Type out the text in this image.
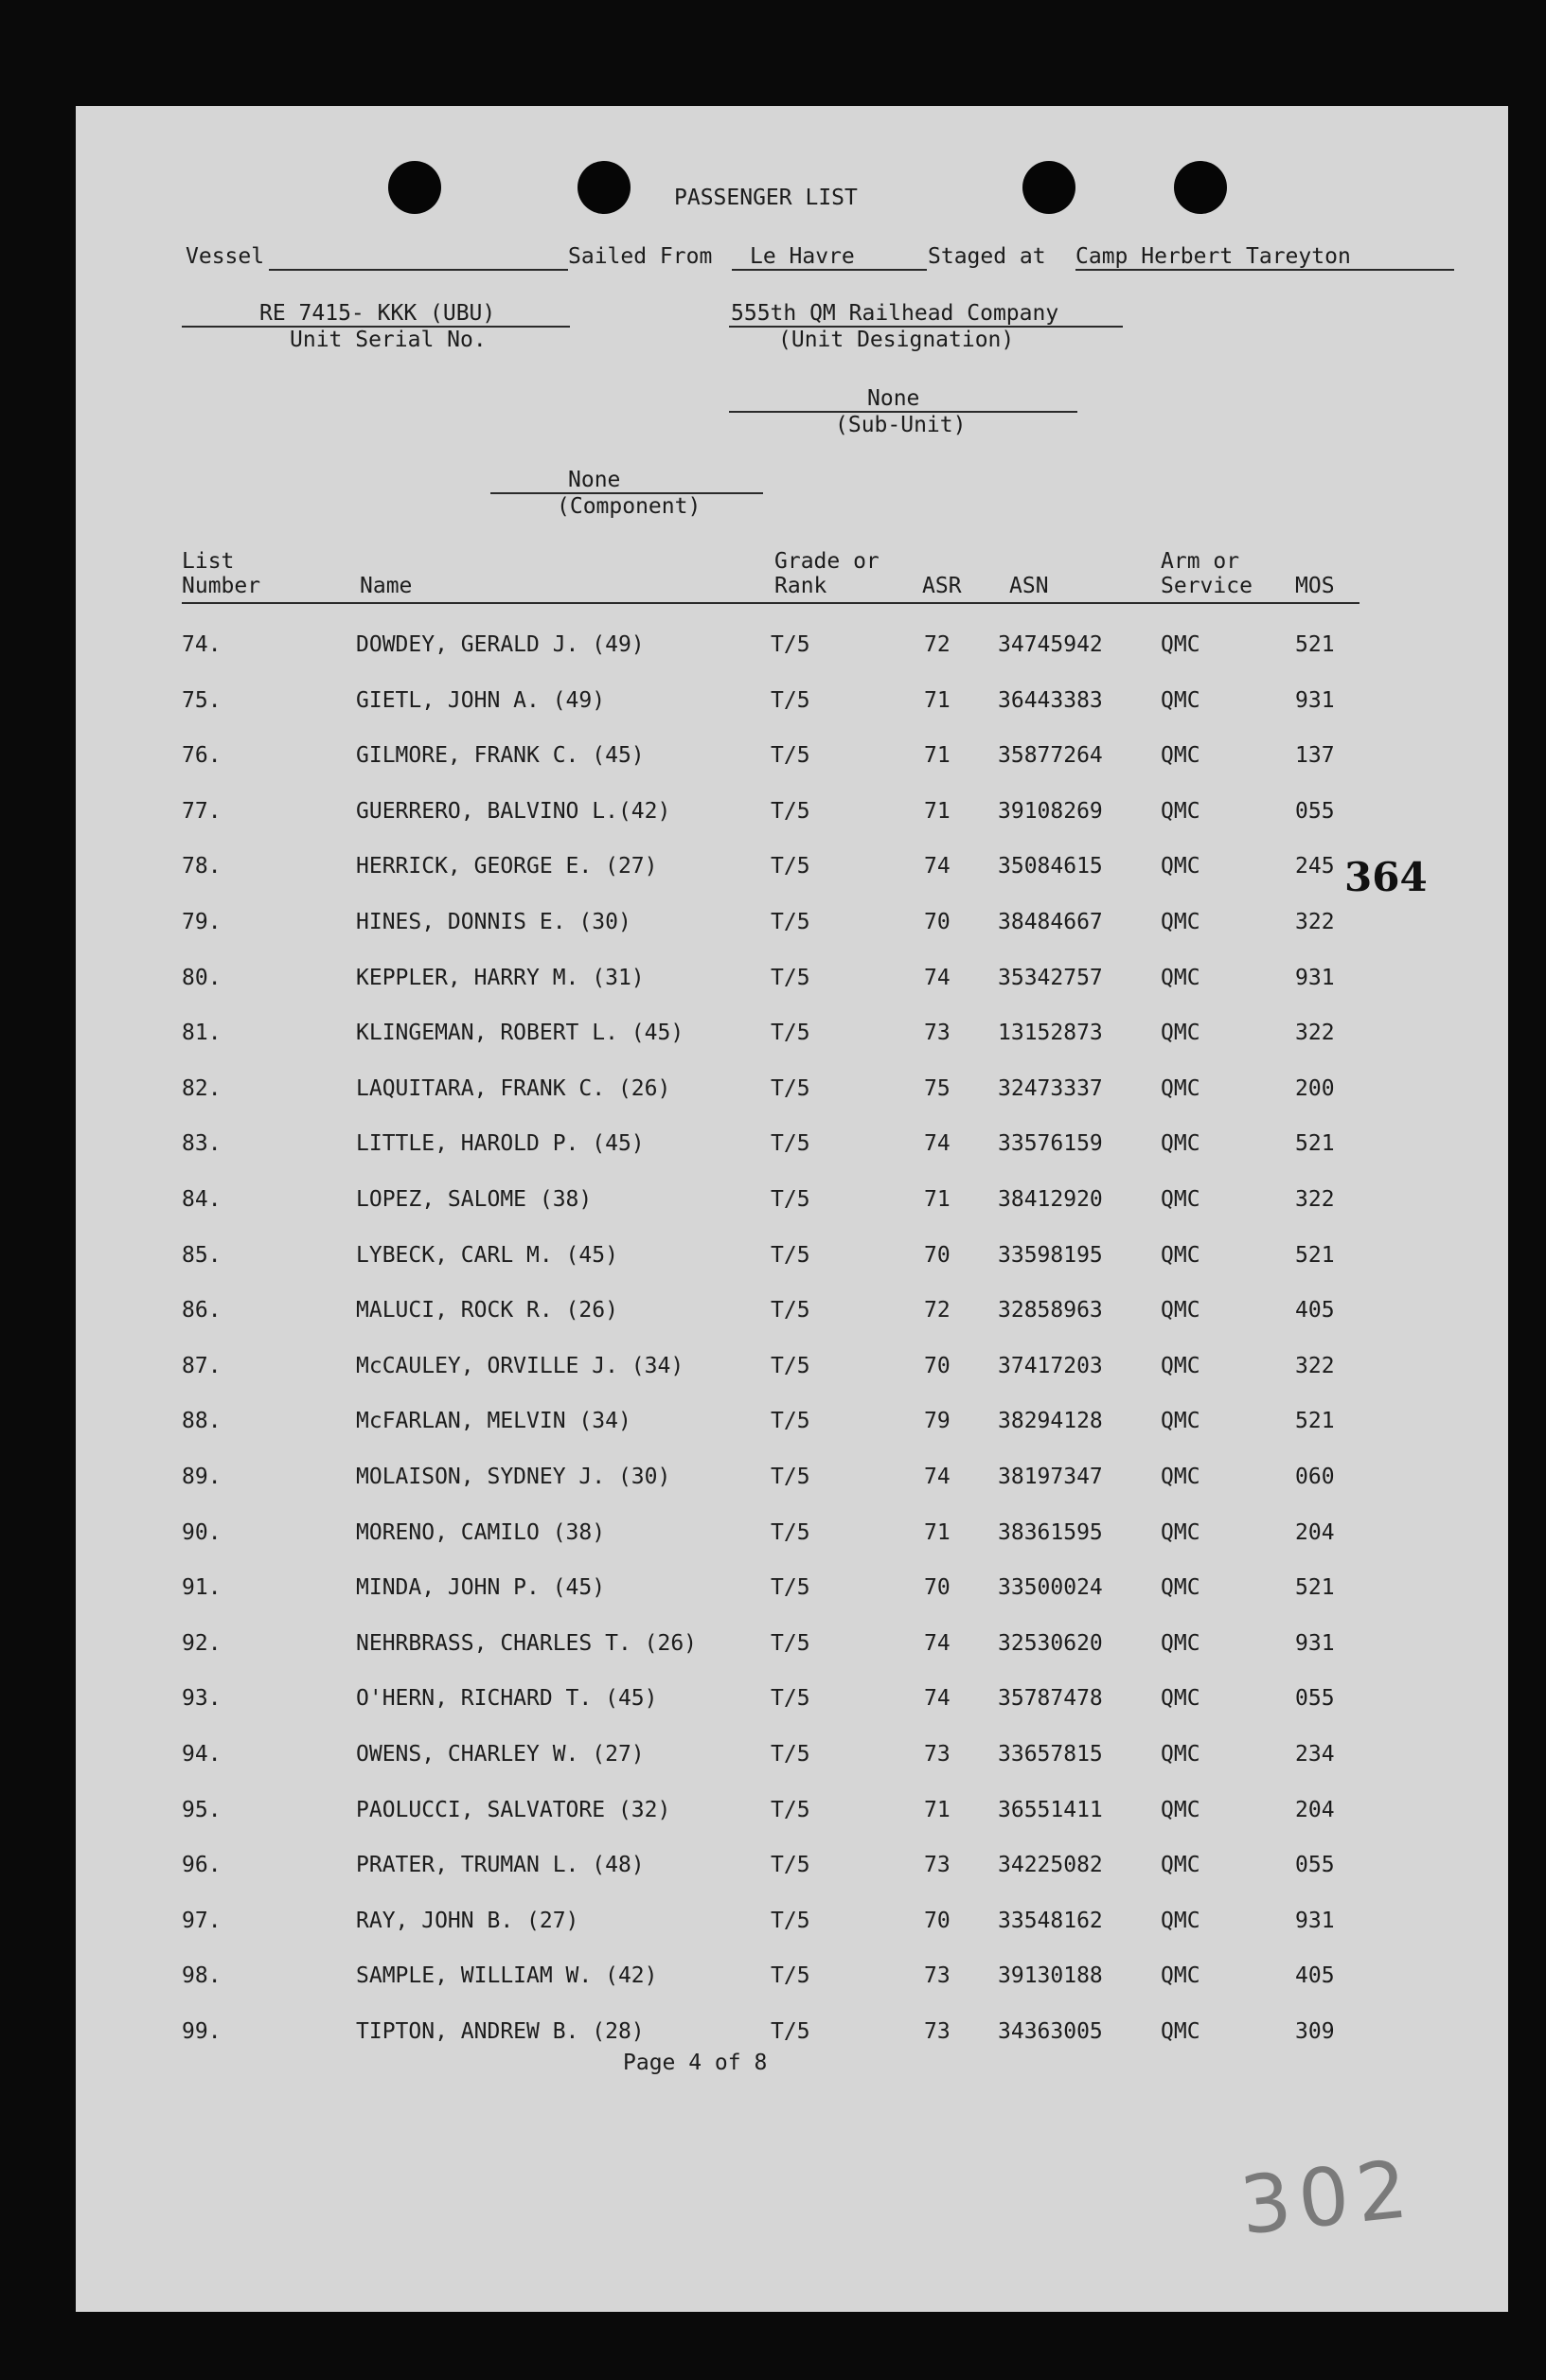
PASSENGER LIST
Vessel	Sailed From Le Havre	Staged at Camp Herbert Tareyton
RE 7415- KKK (UBU)
Unit Serial No.
555th QM Railhead Company
(Unit Designation)
None
(Sub-Unit)
None
(Component)
List
Number	Name
Grade or
Rank	ASR ASN
Arm or
Service MOS
74.	DOWDEY, GERALD J. (49)	T/5	72 34745942	QMC	521
75.	GIETL, JOHN A. (49)	T/5	71 36443383	QMC	931
76.	GILMORE, FRANK C. (45)	T/5	71 35877264	QMC	137
77.	GUERRERO, BALVINO L.(42)	T/5	71 39108269	QMC	055
78.	HERRICK, GEORGE E. (27)	T/5	74 35084615	QMC	245
79.	HINES, DONNIS E. (30)	T/5	70 38484667	QMC	322
80.	KEPPLER, HARRY M. (31)	T/5	74 35342757	QMC	931
81.	KLINGEMAN, ROBERT L. (45)	T/5	73 13152873	QMC	322
82.	LAQUITARA, FRANK C. (26)	T/5	75 32473337	QMC	200
83.	LITTLE, HAROLD P. (45)	T/5	74 33576159	QMC	521
84.	LOPEZ, SALOME (38)	T/5	71 38412920	QMC	322
85.	LYBECK, CARL M. (45)	T/5	70 33598195	QMC	521
86.	MALUCI, ROCK R. (26)	T/5	72 32858963	QMC	405
87.	McCAULEY, ORVILLE J. (34)	T/5	70 37417203	QMC	322
88.	McFARLAN, MELVIN (34)	T/5	79 38294128	QMC	521
89.	MOLAISON, SYDNEY J. (30)	T/5	74 38197347	QMC	060
90.	MORENO, CAMILO (38)	T/5	71 38361595	QMC	204
91.	MINDA, JOHN P. (45)	T/5	70 33500024	QMC	521
92.	NEHRBRASS, CHARLES T. (26)	T/5	74 32530620	QMC	931
93.	O'HERN, RICHARD T. (45)	T/5	74 35787478	QMC	055
94.	OWENS, CHARLEY W. (27)	T/5	73 33657815	QMC	234
95.	PAOLUCCI, SALVATORE (32)	T/5	71 36551411	QMC	204
96.	PRATER, TRUMAN L. (48)	T/5	73 34225082	QMC	055
97.	RAY, JOHN B. (27)	T/5	70 33548162	QMC	931
98.	SAMPLE, WILLIAM W. (42)	T/5	73 39130188	QMC	405
99.	TIPTON, ANDREW B. (28)	T/5	73 34363005	QMC	309
Page 4 of 8
364
302
